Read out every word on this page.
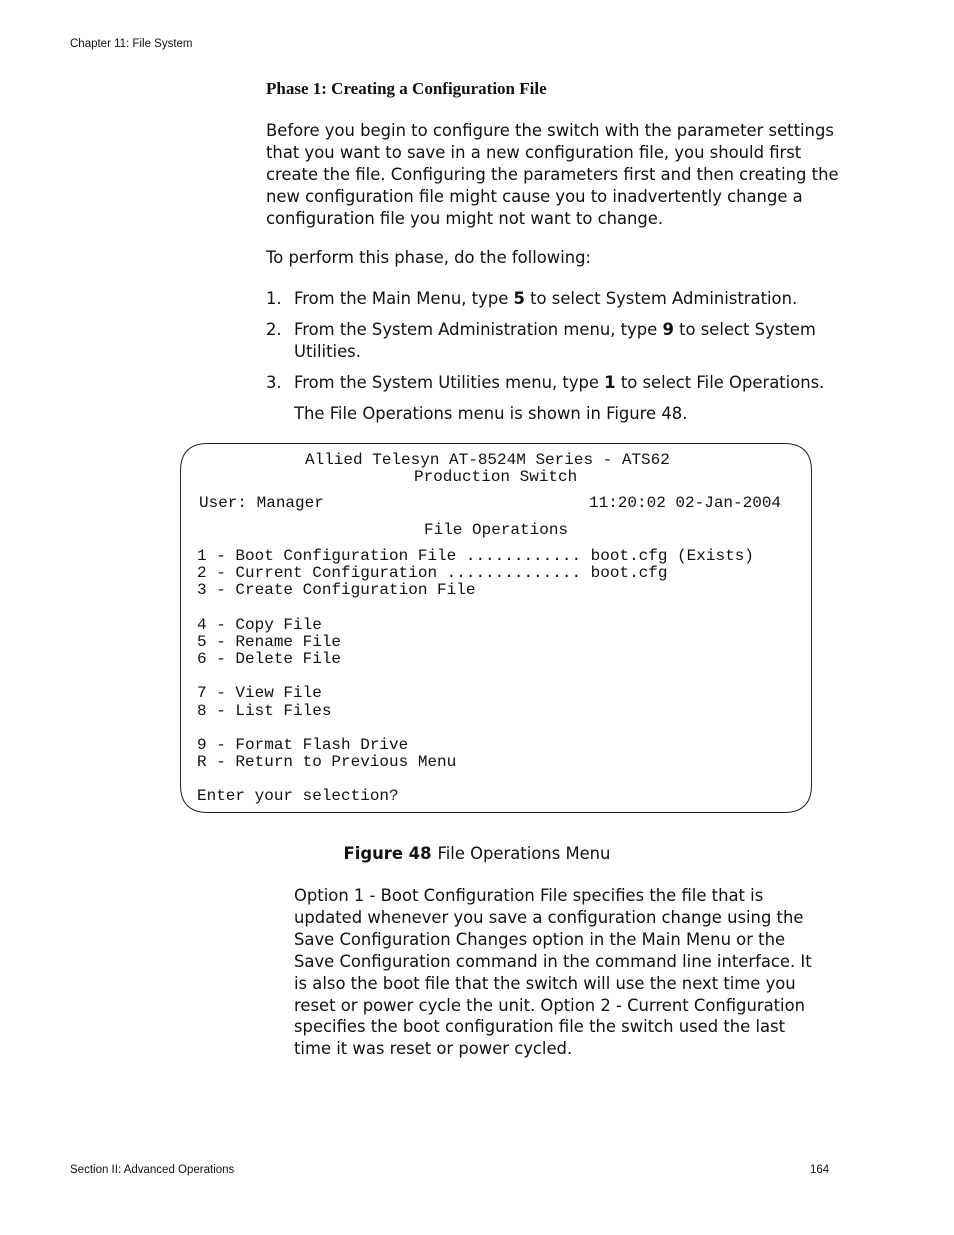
Chapter 11: File System
Phase 1: Creating a Configuration File

Before you begin to configure the switch with the parameter settings that you want to save in a new configuration file, you should first create the file. Configuring the parameters first and then creating the new configuration file might cause you to inadvertently change a configuration file you might not want to change.

To perform this phase, do the following:

1. From the Main Menu, type 5 to select System Administration.
2. From the System Administration menu, type 9 to select System Utilities.
3. From the System Utilities menu, type 1 to select File Operations.
The File Operations menu is shown in Figure 48.
Allied Telesyn AT-8524M Series - ATS62
Production Switch
User: Manager	11:20:02 02-Jan-2004
File Operations
1 - Boot Configuration File ............ boot.cfg (Exists)
2 - Current Configuration .............. boot.cfg
3 - Create Configuration File
4 - Copy File
5 - Rename File
6 - Delete File
7 - View File
8 - List Files
9 - Format Flash Drive
R - Return to Previous Menu
Enter your selection?
Figure 48 File Operations Menu

Option 1 - Boot Configuration File specifies the file that is updated whenever you save a configuration change using the Save Configuration Changes option in the Main Menu or the Save Configuration command in the command line interface. It is also the boot file that the switch will use the next time you reset or power cycle the unit. Option 2 - Current Configuration specifies the boot configuration file the switch used the last time it was reset or power cycled.

Section II: Advanced Operations	164
